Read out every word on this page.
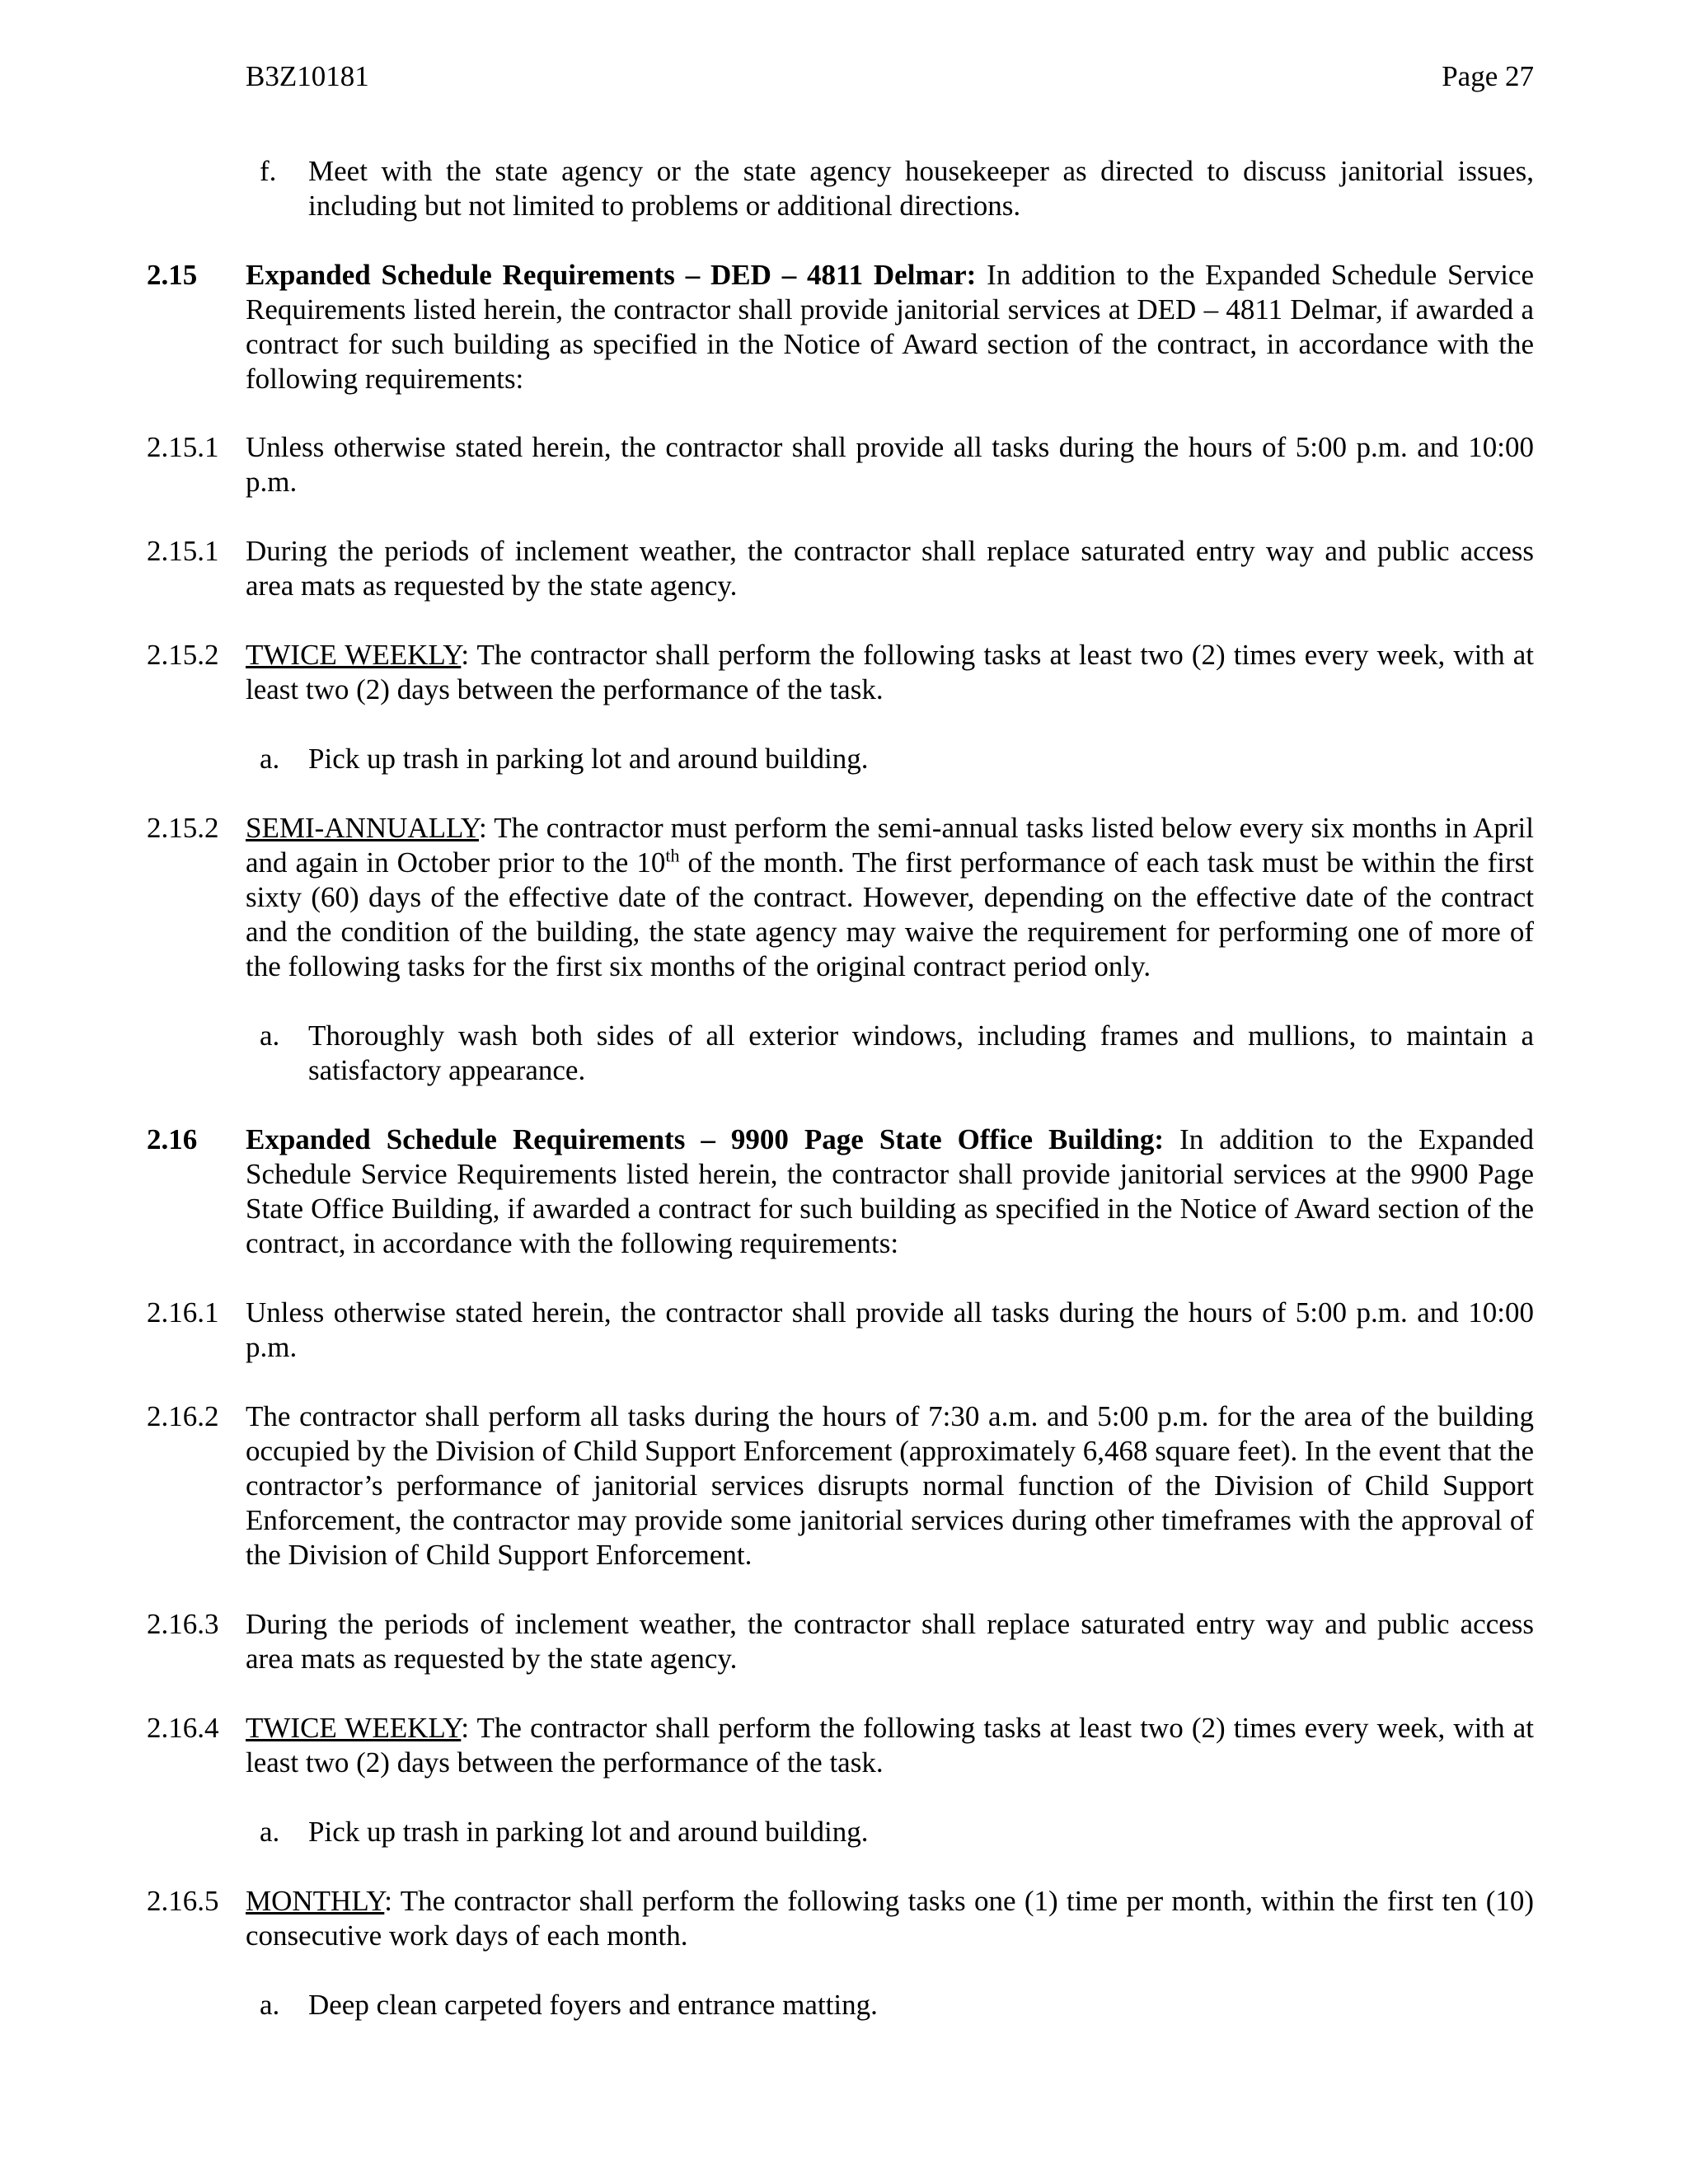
B3Z10181	Page 27
f. Meet with the state agency or the state agency housekeeper as directed to discuss janitorial issues, including but not limited to problems or additional directions.
2.15 Expanded Schedule Requirements – DED – 4811 Delmar: In addition to the Expanded Schedule Service Requirements listed herein, the contractor shall provide janitorial services at DED – 4811 Delmar, if awarded a contract for such building as specified in the Notice of Award section of the contract, in accordance with the following requirements:
2.15.1 Unless otherwise stated herein, the contractor shall provide all tasks during the hours of 5:00 p.m. and 10:00 p.m.
2.15.1 During the periods of inclement weather, the contractor shall replace saturated entry way and public access area mats as requested by the state agency.
2.15.2 TWICE WEEKLY: The contractor shall perform the following tasks at least two (2) times every week, with at least two (2) days between the performance of the task.
a. Pick up trash in parking lot and around building.
2.15.2 SEMI-ANNUALLY: The contractor must perform the semi-annual tasks listed below every six months in April and again in October prior to the 10th of the month. The first performance of each task must be within the first sixty (60) days of the effective date of the contract. However, depending on the effective date of the contract and the condition of the building, the state agency may waive the requirement for performing one of more of the following tasks for the first six months of the original contract period only.
a. Thoroughly wash both sides of all exterior windows, including frames and mullions, to maintain a satisfactory appearance.
2.16 Expanded Schedule Requirements – 9900 Page State Office Building: In addition to the Expanded Schedule Service Requirements listed herein, the contractor shall provide janitorial services at the 9900 Page State Office Building, if awarded a contract for such building as specified in the Notice of Award section of the contract, in accordance with the following requirements:
2.16.1 Unless otherwise stated herein, the contractor shall provide all tasks during the hours of 5:00 p.m. and 10:00 p.m.
2.16.2 The contractor shall perform all tasks during the hours of 7:30 a.m. and 5:00 p.m. for the area of the building occupied by the Division of Child Support Enforcement (approximately 6,468 square feet). In the event that the contractor’s performance of janitorial services disrupts normal function of the Division of Child Support Enforcement, the contractor may provide some janitorial services during other timeframes with the approval of the Division of Child Support Enforcement.
2.16.3 During the periods of inclement weather, the contractor shall replace saturated entry way and public access area mats as requested by the state agency.
2.16.4 TWICE WEEKLY: The contractor shall perform the following tasks at least two (2) times every week, with at least two (2) days between the performance of the task.
a. Pick up trash in parking lot and around building.
2.16.5 MONTHLY: The contractor shall perform the following tasks one (1) time per month, within the first ten (10) consecutive work days of each month.
a. Deep clean carpeted foyers and entrance matting.
